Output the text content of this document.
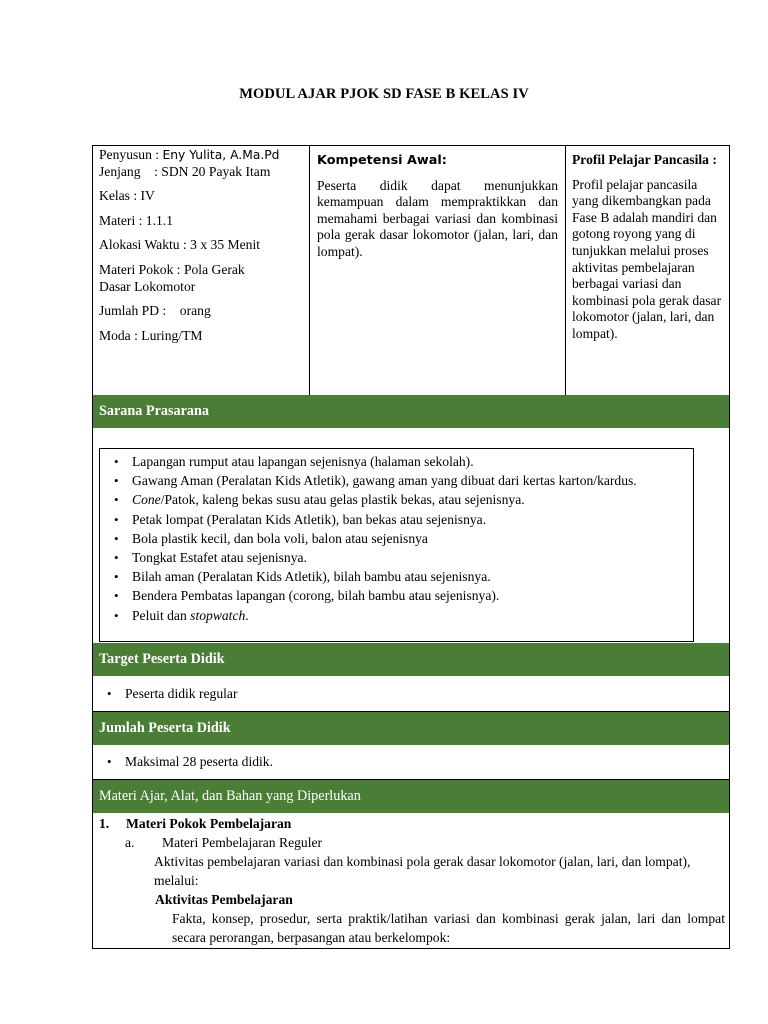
MODUL AJAR PJOK SD FASE B KELAS IV
Penyusun : Eny Yulita, A.Ma.Pd

Jenjang    : SDN 20 Payak Itam

Kelas : IV

Materi : 1.1.1

Alokasi Waktu : 3 x 35 Menit

Materi Pokok : Pola Gerak Dasar Lokomotor

Jumlah PD :    orang

Moda : Luring/TM

Kompetensi Awal:

Peserta didik dapat menunjukkan kemampuan dalam mempraktikkan dan memahami berbagai variasi dan kombinasi pola gerak dasar lokomotor (jalan, lari, dan lompat).

Profil Pelajar Pancasila :

Profil pelajar pancasila yang dikembangkan pada Fase B adalah mandiri dan gotong royong yang di tunjukkan melalui proses aktivitas pembelajaran berbagai variasi dan kombinasi pola gerak dasar lokomotor (jalan, lari, dan lompat).

Sarana Prasarana
• Lapangan rumput atau lapangan sejenisnya (halaman sekolah).
• Gawang Aman (Peralatan Kids Atletik), gawang aman yang dibuat dari kertas karton/kardus.
• Cone/Patok, kaleng bekas susu atau gelas plastik bekas, atau sejenisnya.
• Petak lompat (Peralatan Kids Atletik), ban bekas atau sejenisnya.
• Bola plastik kecil, dan bola voli, balon atau sejenisnya
• Tongkat Estafet atau sejenisnya.
• Bilah aman (Peralatan Kids Atletik), bilah bambu atau sejenisnya.
• Bendera Pembatas lapangan (corong, bilah bambu atau sejenisnya).
• Peluit dan stopwatch.
Target Peserta Didik
• Peserta didik regular
Jumlah Peserta Didik
• Maksimal 28 peserta didik.
Materi Ajar, Alat, dan Bahan yang Diperlukan
1. Materi Pokok Pembelajaran
a. Materi Pembelajaran Reguler
Aktivitas pembelajaran variasi dan kombinasi pola gerak dasar lokomotor (jalan, lari, dan lompat), melalui:
Aktivitas Pembelajaran
Fakta, konsep, prosedur, serta praktik/latihan variasi dan kombinasi gerak jalan, lari dan lompat secara perorangan, berpasangan atau berkelompok:
